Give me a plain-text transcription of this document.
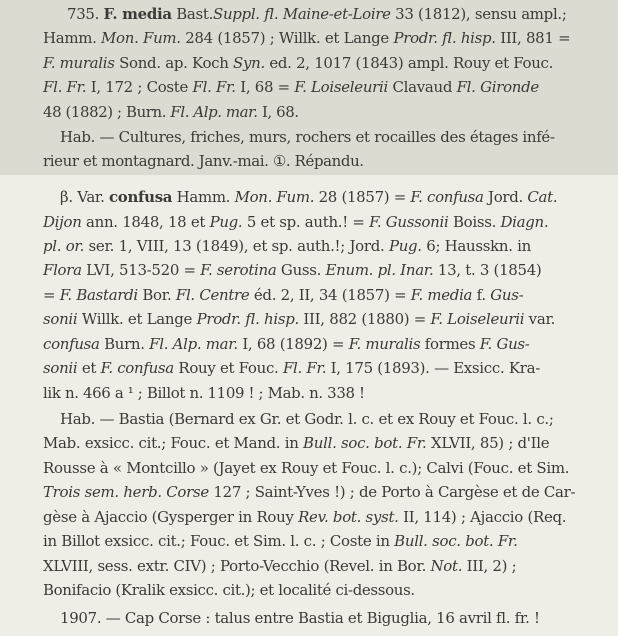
735. F. media Bast.Suppl. fl. Maine-et-Loire 33 (1812), sensu ampl.;
Hamm. Mon. Fum. 284 (1857) ; Willk. et Lange Prodr. fl. hisp. III, 881 =
F. muralis Sond. ap. Koch Syn. ed. 2, 1017 (1843) ampl. Rouy et Fouc.
Fl. Fr. I, 172 ; Coste Fl. Fr. I, 68 = F. Loiseleurii Clavaud Fl. Gironde
48 (1882) ; Burn. Fl. Alp. mar. I, 68.
Hab. — Cultures, friches, murs, rochers et rocailles des étages infé-
rieur et montagnard. Janv.-mai. ①. Répandu.
β. Var. confusa Hamm. Mon. Fum. 28 (1857) = F. confusa Jord. Cat.
Dijon ann. 1848, 18 et Pug. 5 et sp. auth.! = F. Gussonii Boiss. Diagn.
pl. or. ser. 1, VIII, 13 (1849), et sp. auth.!; Jord. Pug. 6; Hausskn. in
Flora LVI, 513-520 = F. serotina Guss. Enum. pl. Inar. 13, t. 3 (1854)
= F. Bastardi Bor. Fl. Centre éd. 2, II, 34 (1857) = F. media f. Gus-
sonii Willk. et Lange Prodr. fl. hisp. III, 882 (1880) = F. Loiseleurii var.
confusa Burn. Fl. Alp. mar. I, 68 (1892) = F. muralis formes F. Gus-
sonii et F. confusa Rouy et Fouc. Fl. Fr. I, 175 (1893). — Exsicc. Kra-
lik n. 466 a ¹ ; Billot n. 1109 ! ; Mab. n. 338 !
Hab. — Bastia (Bernard ex Gr. et Godr. l. c. et ex Rouy et Fouc. l. c.;
Mab. exsicc. cit.; Fouc. et Mand. in Bull. soc. bot. Fr. XLVII, 85) ; d'Ile
Rousse à « Montcillo » (Jayet ex Rouy et Fouc. l. c.); Calvi (Fouc. et Sim.
Trois sem. herb. Corse 127 ; Saint-Yves !) ; de Porto à Cargèse et de Car-
gèse à Ajaccio (Gysperger in Rouy Rev. bot. syst. II, 114) ; Ajaccio (Req.
in Billot exsicc. cit.; Fouc. et Sim. l. c. ; Coste in Bull. soc. bot. Fr.
XLVIII, sess. extr. CIV) ; Porto-Vecchio (Revel. in Bor. Not. III, 2) ;
Bonifacio (Kralik exsicc. cit.); et localité ci-dessous.
1907. — Cap Corse : talus entre Bastia et Biguglia, 16 avril fl. fr. !
